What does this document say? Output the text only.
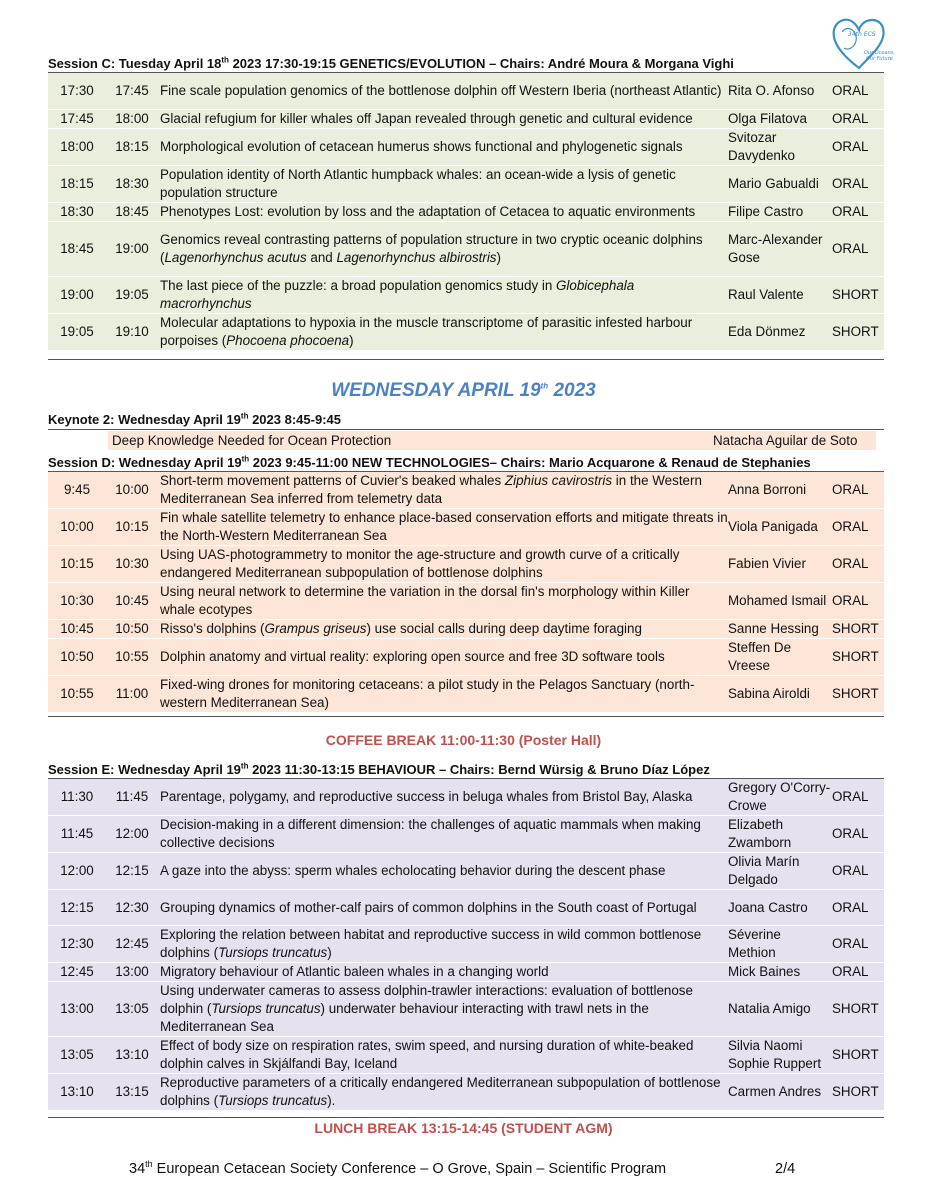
34th ECS
Our Oceans,
Our Future
Session C: Tuesday April 18th 2023 17:30-19:15 GENETICS/EVOLUTION – Chairs: André Moura & Morgana Vighi
17:30	17:45	Fine scale population genomics of the bottlenose dolphin off Western Iberia (northeast Atlantic)	Rita O. Afonso	ORAL
17:45	18:00	Glacial refugium for killer whales off Japan revealed through genetic and cultural evidence	Olga Filatova	ORAL
18:00	18:15	Morphological evolution of cetacean humerus shows functional and phylogenetic signals	Svitozar Davydenko	ORAL
18:15	18:30	Population identity of North Atlantic humpback whales: an ocean-wide a lysis of genetic population structure	Mario Gabualdi	ORAL
18:30	18:45	Phenotypes Lost: evolution by loss and the adaptation of Cetacea to aquatic environments	Filipe Castro	ORAL
18:45	19:00	Genomics reveal contrasting patterns of population structure in two cryptic oceanic dolphins (Lagenorhynchus acutus and Lagenorhynchus albirostris)	Marc-Alexander Gose	ORAL
19:00	19:05	The last piece of the puzzle: a broad population genomics study in Globicephala macrorhynchus	Raul Valente	SHORT
19:05	19:10	Molecular adaptations to hypoxia in the muscle transcriptome of parasitic infested harbour porpoises (Phocoena phocoena)	Eda Dönmez	SHORT
WEDNESDAY APRIL 19th 2023
Keynote 2: Wednesday April 19th 2023 8:45-9:45
Deep Knowledge Needed for Ocean Protection	Natacha Aguilar de Soto
Session D: Wednesday April 19th 2023 9:45-11:00 NEW TECHNOLOGIES– Chairs: Mario Acquarone & Renaud de Stephanies
9:45	10:00	Short-term movement patterns of Cuvier's beaked whales Ziphius cavirostris in the Western Mediterranean Sea inferred from telemetry data	Anna Borroni	ORAL
10:00	10:15	Fin whale satellite telemetry to enhance place-based conservation efforts and mitigate threats in the North-Western Mediterranean Sea	Viola Panigada	ORAL
10:15	10:30	Using UAS-photogrammetry to monitor the age-structure and growth curve of a critically endangered Mediterranean subpopulation of bottlenose dolphins	Fabien Vivier	ORAL
10:30	10:45	Using neural network to determine the variation in the dorsal fin's morphology within Killer whale ecotypes	Mohamed Ismail	ORAL
10:45	10:50	Risso's dolphins (Grampus griseus) use social calls during deep daytime foraging	Sanne Hessing	SHORT
10:50	10:55	Dolphin anatomy and virtual reality: exploring open source and free 3D software tools	Steffen De Vreese	SHORT
10:55	11:00	Fixed-wing drones for monitoring cetaceans: a pilot study in the Pelagos Sanctuary (north-western Mediterranean Sea)	Sabina Airoldi	SHORT
COFFEE BREAK 11:00-11:30 (Poster Hall)
Session E: Wednesday April 19th 2023 11:30-13:15 BEHAVIOUR – Chairs: Bernd Würsig & Bruno Díaz López
11:30	11:45	Parentage, polygamy, and reproductive success in beluga whales from Bristol Bay, Alaska	Gregory O'Corry-Crowe	ORAL
11:45	12:00	Decision-making in a different dimension: the challenges of aquatic mammals when making collective decisions	Elizabeth Zwamborn	ORAL
12:00	12:15	A gaze into the abyss: sperm whales echolocating behavior during the descent phase	Olivia Marín Delgado	ORAL
12:15	12:30	Grouping dynamics of mother-calf pairs of common dolphins in the South coast of Portugal	Joana Castro	ORAL
12:30	12:45	Exploring the relation between habitat and reproductive success in wild common bottlenose dolphins (Tursiops truncatus)	Séverine Methion	ORAL
12:45	13:00	Migratory behaviour of Atlantic baleen whales in a changing world	Mick Baines	ORAL
13:00	13:05	Using underwater cameras to assess dolphin-trawler interactions: evaluation of bottlenose dolphin (Tursiops truncatus) underwater behaviour interacting with trawl nets in the Mediterranean Sea	Natalia Amigo	SHORT
13:05	13:10	Effect of body size on respiration rates, swim speed, and nursing duration of white-beaked dolphin calves in Skjálfandi Bay, Iceland	Silvia Naomi Sophie Ruppert	SHORT
13:10	13:15	Reproductive parameters of a critically endangered Mediterranean subpopulation of bottlenose dolphins (Tursiops truncatus).	Carmen Andres	SHORT
LUNCH BREAK 13:15-14:45 (STUDENT AGM)
34th European Cetacean Society Conference – O Grove, Spain – Scientific Program	2/4
